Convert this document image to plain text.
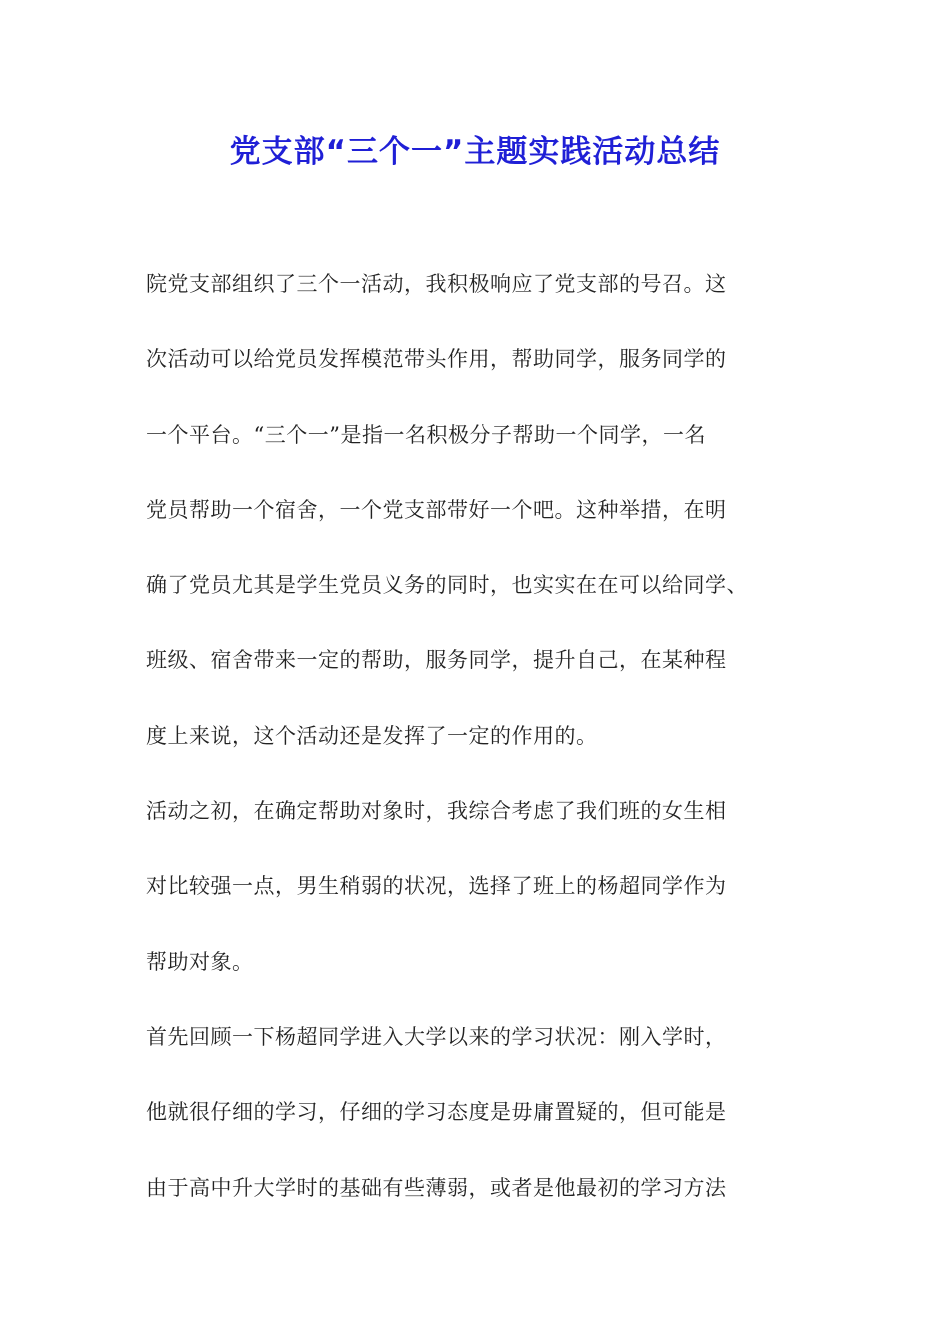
党支部“三个一”主题实践活动总结
院党支部组织了三个一活动，我积极响应了党支部的号召。这
次活动可以给党员发挥模范带头作用，帮助同学，服务同学的
一个平台。“三个一”是指一名积极分子帮助一个同学，一名
党员帮助一个宿舍，一个党支部带好一个吧。这种举措，在明
确了党员尤其是学生党员义务的同时，也实实在在可以给同学、
班级、宿舍带来一定的帮助，服务同学，提升自己，在某种程
度上来说，这个活动还是发挥了一定的作用的。
活动之初，在确定帮助对象时，我综合考虑了我们班的女生相
对比较强一点，男生稍弱的状况，选择了班上的杨超同学作为
帮助对象。
首先回顾一下杨超同学进入大学以来的学习状况：刚入学时，
他就很仔细的学习，仔细的学习态度是毋庸置疑的，但可能是
由于高中升大学时的基础有些薄弱，或者是他最初的学习方法
